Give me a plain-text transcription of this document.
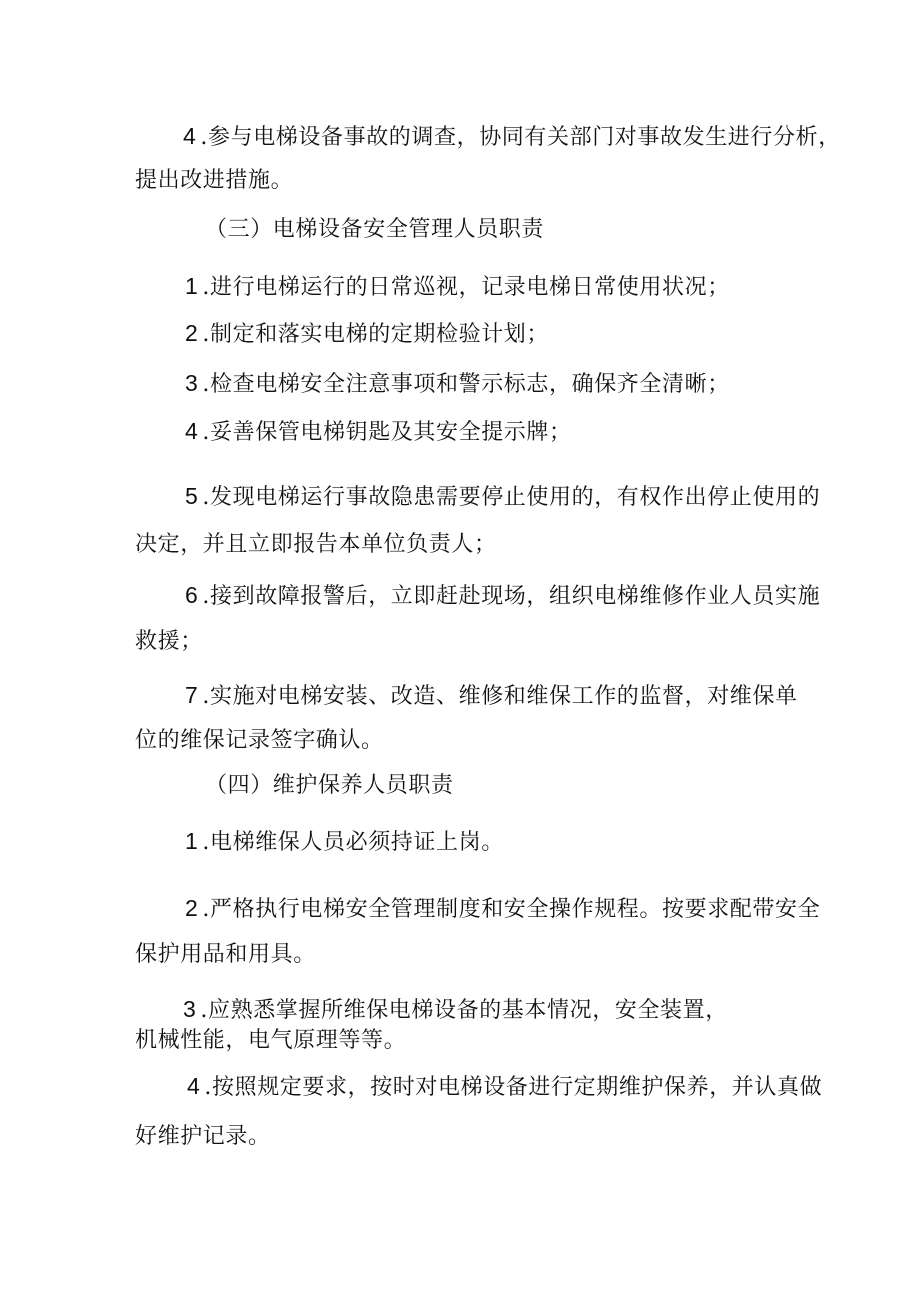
4 .参与电梯设备事故的调查，协同有关部门对事故发生进行分析，
提出改进措施。
（三）电梯设备安全管理人员职责
1 .进行电梯运行的日常巡视，记录电梯日常使用状况；
2 .制定和落实电梯的定期检验计划；
3 .检查电梯安全注意事项和警示标志，确保齐全清晰；
4 .妥善保管电梯钥匙及其安全提示牌；
5 .发现电梯运行事故隐患需要停止使用的，有权作出停止使用的
决定，并且立即报告本单位负责人；
6 .接到故障报警后，立即赶赴现场，组织电梯维修作业人员实施
救援；
7 .实施对电梯安装、改造、维修和维保工作的监督，对维保单
位的维保记录签字确认。
（四）维护保养人员职责
1 .电梯维保人员必须持证上岗。
2 .严格执行电梯安全管理制度和安全操作规程。按要求配带安全
保护用品和用具。
3 .应熟悉掌握所维保电梯设备的基本情况，安全装置，
机械性能，电气原理等等。
4 .按照规定要求，按时对电梯设备进行定期维护保养，并认真做
好维护记录。
